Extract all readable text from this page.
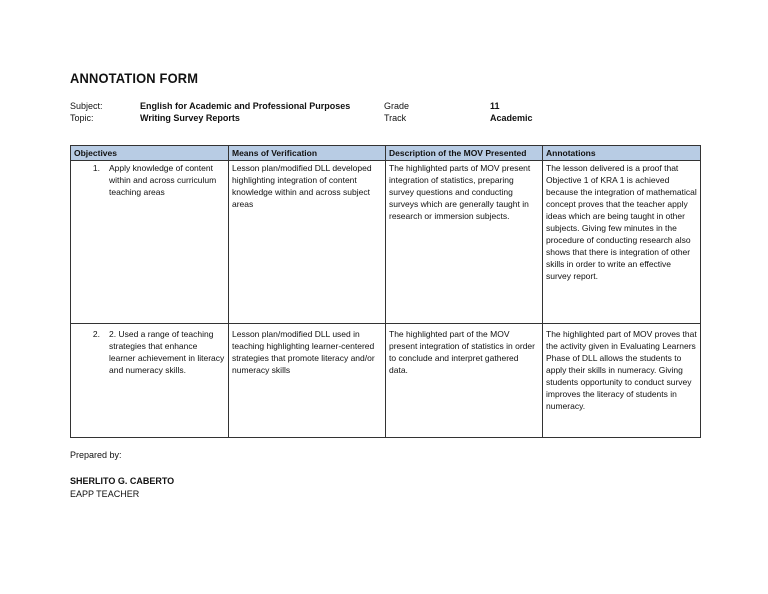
ANNOTATION FORM
Subject:	English for Academic and Professional Purposes	Grade	11
Topic:	Writing Survey Reports	Track	Academic
Objectives	Means of Verification	Description of the MOV Presented	Annotations

1. Apply knowledge of content within and across curriculum teaching areas	Lesson plan/modified DLL developed highlighting integration of content knowledge within and across subject areas	The highlighted parts of MOV present integration of statistics, preparing survey questions and conducting surveys which are generally taught in research or immersion subjects.	The lesson delivered is a proof that Objective 1 of KRA 1 is achieved because the integration of mathematical concept proves that the teacher apply ideas which are being taught in other subjects. Giving few minutes in the procedure of conducting research also shows that there is integration of other skills in order to write an effective survey report.

2. 2. Used a range of teaching strategies that enhance learner achievement in literacy and numeracy skills.	Lesson plan/modified DLL used in teaching highlighting learner-centered strategies that promote literacy and/or numeracy skills	The highlighted part of the MOV present integration of statistics in order to conclude and interpret gathered data.	The highlighted part of MOV proves that the activity given in Evaluating Learners Phase of DLL allows the students to apply their skills in numeracy. Giving students opportunity to conduct survey improves the literacy of students in numeracy.
Prepared by:
SHERLITO G. CABERTO
EAPP TEACHER
